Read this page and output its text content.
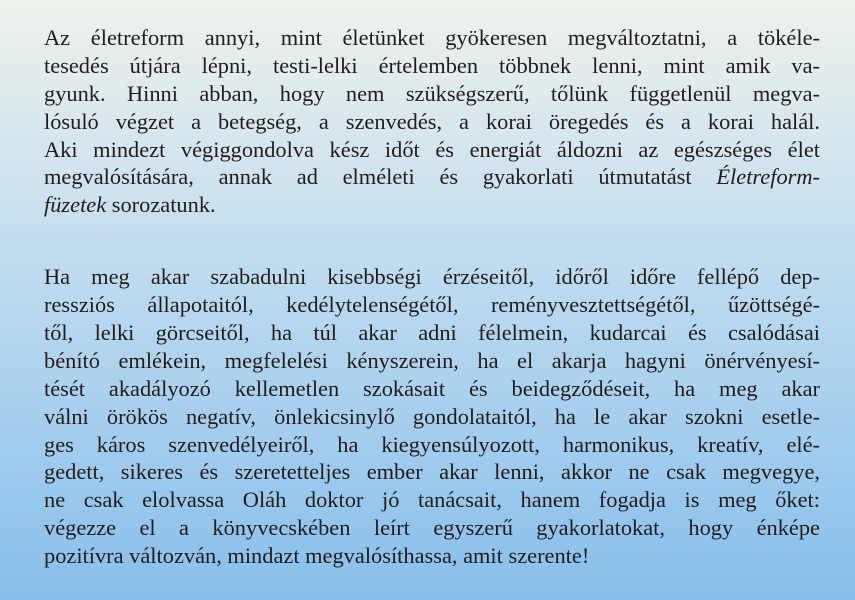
Az életreform annyi, mint életünket gyökeresen megváltoztatni, a tökéle-
tesedés útjára lépni, testi-lelki értelemben többnek lenni, mint amik va-
gyunk. Hinni abban, hogy nem szükségszerű, tőlünk függetlenül megva-
lósuló végzet a betegség, a szenvedés, a korai öregedés és a korai halál.
Aki mindezt végiggondolva kész időt és energiát áldozni az egészséges élet
megvalósítására, annak ad elméleti és gyakorlati útmutatást Életreform-
füzetek sorozatunk.
Ha meg akar szabadulni kisebbségi érzéseitől, időről időre fellépő dep-
ressziós állapotaitól, kedélytelenségétől, reményvesztettségétől, űzöttségé-
től, lelki görcseitől, ha túl akar adni félelmein, kudarcai és csalódásai
bénító emlékein, megfelelési kényszerein, ha el akarja hagyni önérvényesí-
tését akadályozó kellemetlen szokásait és beidegződéseit, ha meg akar
válni örökös negatív, önlekicsinylő gondolataitól, ha le akar szokni esetle-
ges káros szenvedélyeiről, ha kiegyensúlyozott, harmonikus, kreatív, elé-
gedett, sikeres és szeretetteljes ember akar lenni, akkor ne csak megvegye,
ne csak elolvassa Oláh doktor jó tanácsait, hanem fogadja is meg őket:
végezze el a könyvecskében leírt egyszerű gyakorlatokat, hogy énképe
pozitívra változván, mindazt megvalósíthassa, amit szerente!
